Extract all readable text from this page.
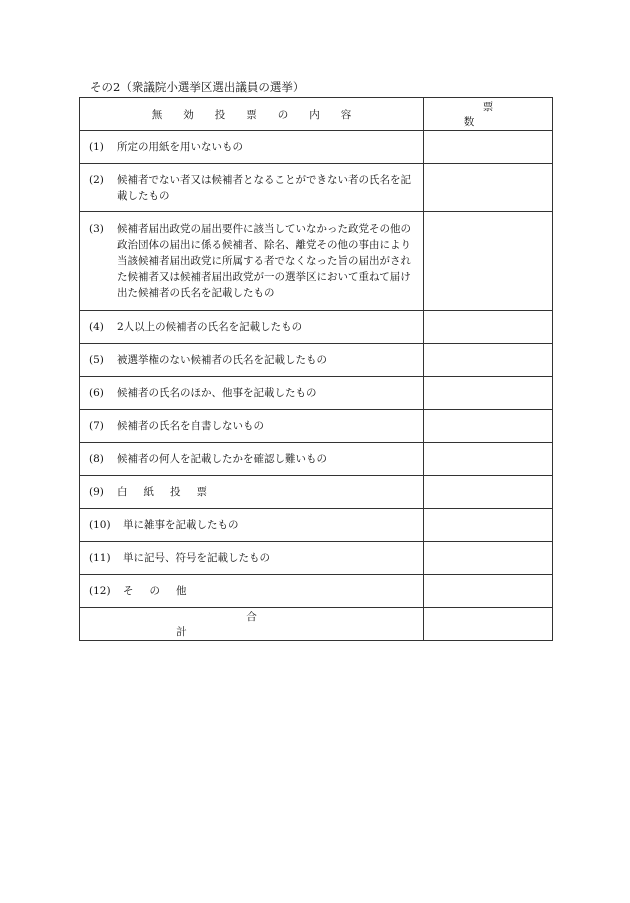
その2（衆議院小選挙区選出議員の選挙）
無効投票の内容	票数

(1) 所定の用紙を用いないもの	

(2) 候補者でない者又は候補者となることができない者の氏名を記載したもの	

(3) 候補者届出政党の届出要件に該当していなかった政党その他の政治団体の届出に係る候補者、除名、離党その他の事由により当該候補者届出政党に所属する者でなくなった旨の届出がされた候補者又は候補者届出政党が一の選挙区において重ねて届け出た候補者の氏名を記載したもの	

(4) 2人以上の候補者の氏名を記載したもの	

(5) 被選挙権のない候補者の氏名を記載したもの	

(6) 候補者の氏名のほか、他事を記載したもの	

(7) 候補者の氏名を自書しないもの	

(8) 候補者の何人を記載したかを確認し難いもの	

(9) 白紙投票	

(10) 単に雑事を記載したもの	

(11) 単に記号、符号を記載したもの	

(12) その他	

合計	
